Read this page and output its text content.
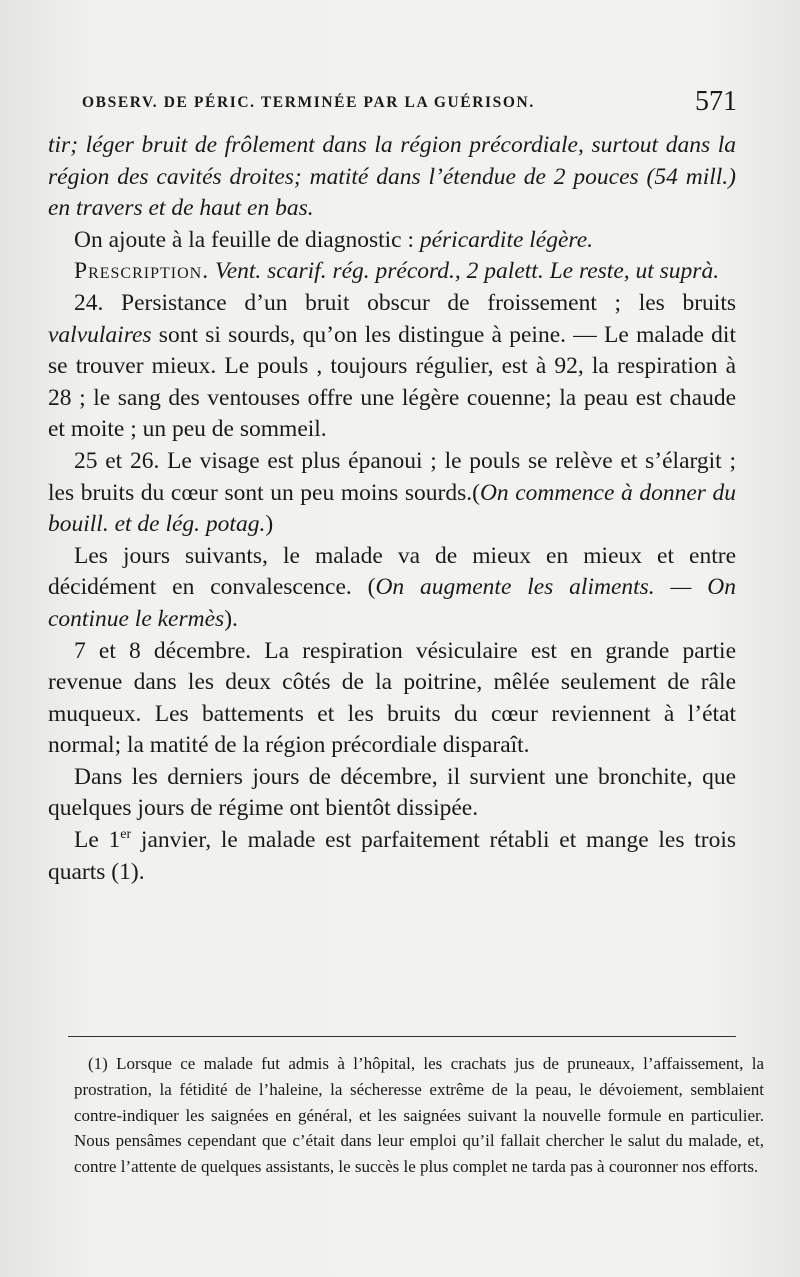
OBSERV. DE PÉRIC. TERMINÉE PAR LA GUÉRISON.	571

tir; léger bruit de frôlement dans la région précordiale, surtout dans la région des cavités droites; matité dans l’étendue de 2 pouces (54 mill.) en travers et de haut en bas.

On ajoute à la feuille de diagnostic : péricardite légère.

Prescription. Vent. scarif. rég. précord., 2 palett. Le reste, ut suprà.

24. Persistance d’un bruit obscur de froissement ; les bruits valvulaires sont si sourds, qu’on les distingue à peine. — Le malade dit se trouver mieux. Le pouls , toujours régulier, est à 92, la respiration à 28 ; le sang des ventouses offre une légère couenne; la peau est chaude et moite ; un peu de sommeil.

25 et 26. Le visage est plus épanoui ; le pouls se relève et s’élargit ; les bruits du cœur sont un peu moins sourds.(On commence à donner du bouill. et de lég. potag.)

Les jours suivants, le malade va de mieux en mieux et entre décidément en convalescence. (On augmente les aliments. — On continue le kermès).

7 et 8 décembre. La respiration vésiculaire est en grande partie revenue dans les deux côtés de la poitrine, mêlée seulement de râle muqueux. Les battements et les bruits du cœur reviennent à l’état normal; la matité de la région précordiale disparaît.

Dans les derniers jours de décembre, il survient une bronchite, que quelques jours de régime ont bientôt dissipée.

Le 1er janvier, le malade est parfaitement rétabli et mange les trois quarts (1).

(1) Lorsque ce malade fut admis à l’hôpital, les crachats jus de pruneaux, l’affaissement, la prostration, la fétidité de l’haleine, la sécheresse extrême de la peau, le dévoiement, semblaient contre-indiquer les saignées en général, et les saignées suivant la nouvelle formule en particulier. Nous pensâmes cependant que c’était dans leur emploi qu’il fallait chercher le salut du malade, et, contre l’attente de quelques assistants, le succès le plus complet ne tarda pas à couronner nos efforts.
